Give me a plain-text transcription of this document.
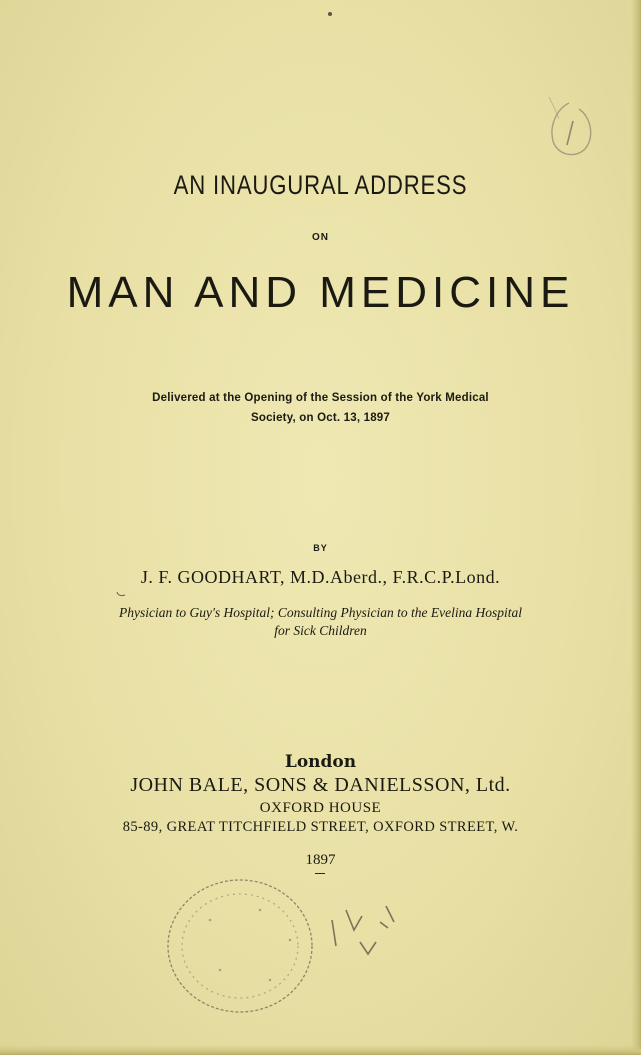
AN INAUGURAL ADDRESS
ON
MAN AND MEDICINE
Delivered at the Opening of the Session of the York Medical
Society, on Oct. 13, 1897
BY
J. F. GOODHART, M.D.Aberd., F.R.C.P.Lond.
Physician to Guy's Hospital; Consulting Physician to the Evelina Hospital
for Sick Children
London
JOHN BALE, SONS & DANIELSSON, Ltd.
OXFORD HOUSE
85-89, GREAT TITCHFIELD STREET, OXFORD STREET, W.
1897
